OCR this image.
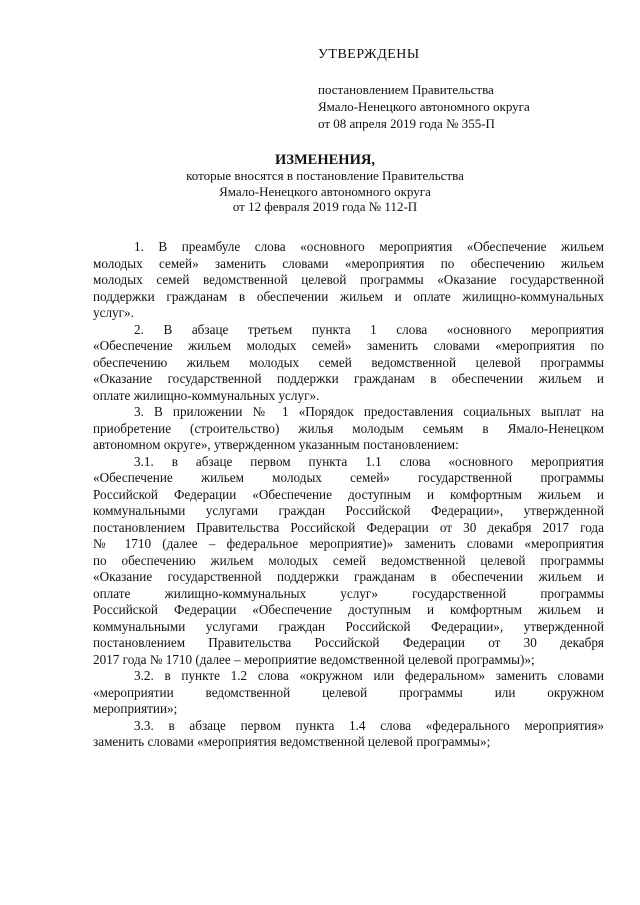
УТВЕРЖДЕНЫ

постановлением Правительства

Ямало-Ненецкого автономного округа

от 08 апреля 2019 года № 355-П

ИЗМЕНЕНИЯ,

которые вносятся в постановление Правительства

Ямало-Ненецкого автономного округа

от 12 февраля 2019 года № 112-П

1. В преамбуле слова «основного мероприятия «Обеспечение жильем
молодых семей» заменить словами «мероприятия по обеспечению жильем
молодых семей ведомственной целевой программы «Оказание государственной
поддержки гражданам в обеспечении жильем и оплате жилищно-коммунальных
услуг».
2. В абзаце третьем пункта 1 слова «основного мероприятия
«Обеспечение жильем молодых семей» заменить словами «мероприятия по
обеспечению жильем молодых семей ведомственной целевой программы
«Оказание государственной поддержки гражданам в обеспечении жильем и
оплате жилищно-коммунальных услуг».
3. В приложении № 1 «Порядок предоставления социальных выплат на
приобретение (строительство) жилья молодым семьям в Ямало-Ненецком
автономном округе», утвержденном указанным постановлением:
3.1. в абзаце первом пункта 1.1 слова «основного мероприятия
«Обеспечение жильем молодых семей» государственной программы
Российской Федерации «Обеспечение доступным и комфортным жильем и
коммунальными услугами граждан Российской Федерации», утвержденной
постановлением Правительства Российской Федерации от 30 декабря 2017 года
№ 1710 (далее – федеральное мероприятие)» заменить словами «мероприятия
по обеспечению жильем молодых семей ведомственной целевой программы
«Оказание государственной поддержки гражданам в обеспечении жильем и
оплате жилищно-коммунальных услуг» государственной программы
Российской Федерации «Обеспечение доступным и комфортным жильем и
коммунальными услугами граждан Российской Федерации», утвержденной
постановлением Правительства Российской Федерации от 30 декабря
2017 года № 1710 (далее – мероприятие ведомственной целевой программы)»;
3.2. в пункте 1.2 слова «окружном или федеральном» заменить словами
«мероприятии ведомственной целевой программы или окружном
мероприятии»;
3.3. в абзаце первом пункта 1.4 слова «федерального мероприятия»
заменить словами «мероприятия ведомственной целевой программы»;
